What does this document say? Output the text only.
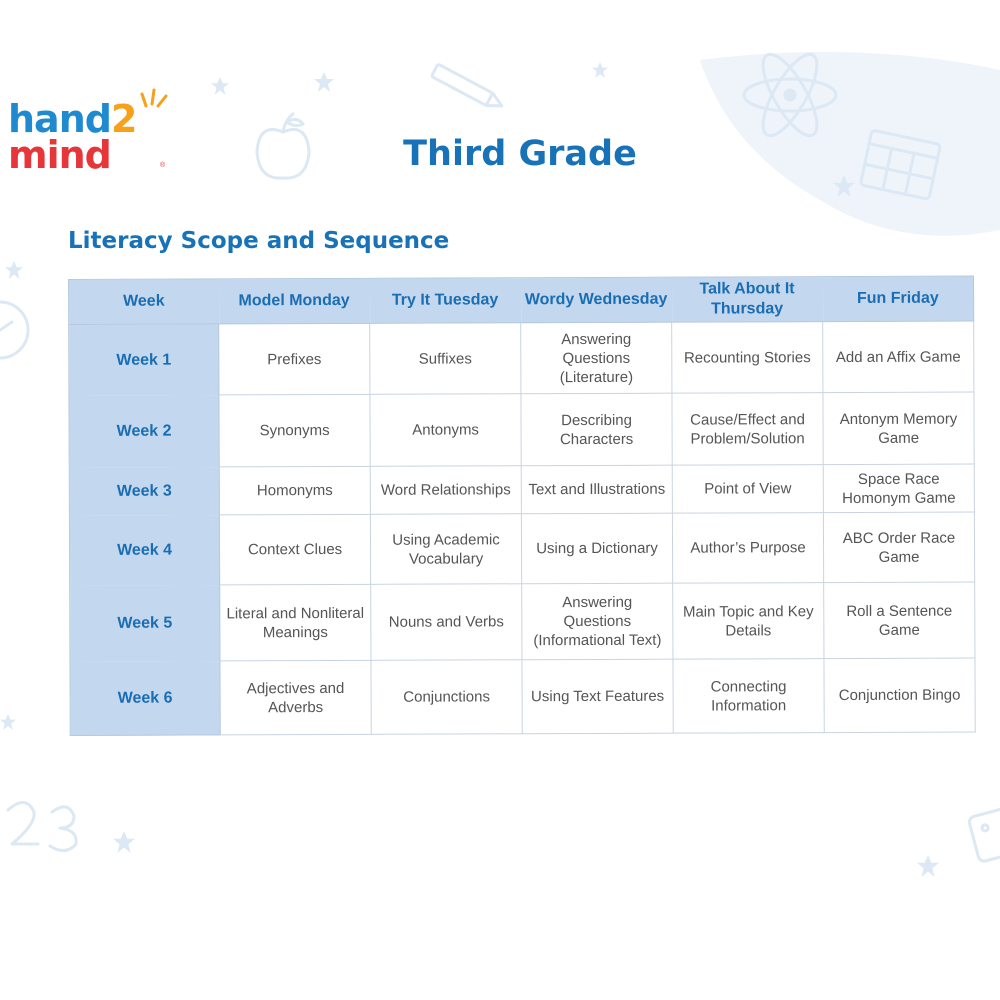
hand2
mind	®	Third Grade
Literacy Scope and Sequence
Week	Model Monday	Try It Tuesday	Wordy Wednesday	Talk About It Thursday	Fun Friday
Week 1	Prefixes	Suffixes	Answering Questions (Literature)	Recounting Stories	Add an Affix Game
Week 2	Synonyms	Antonyms	Describing Characters	Cause/Effect and Problem/Solution	Antonym Memory Game
Week 3	Homonyms	Word Relationships	Text and Illustrations	Point of View	Space Race Homonym Game
Week 4	Context Clues	Using Academic Vocabulary	Using a Dictionary	Author’s Purpose	ABC Order Race Game
Week 5	Literal and Nonliteral Meanings	Nouns and Verbs	Answering Questions (Informational Text)	Main Topic and Key Details	Roll a Sentence Game
Week 6	Adjectives and Adverbs	Conjunctions	Using Text Features	Connecting Information	Conjunction Bingo
